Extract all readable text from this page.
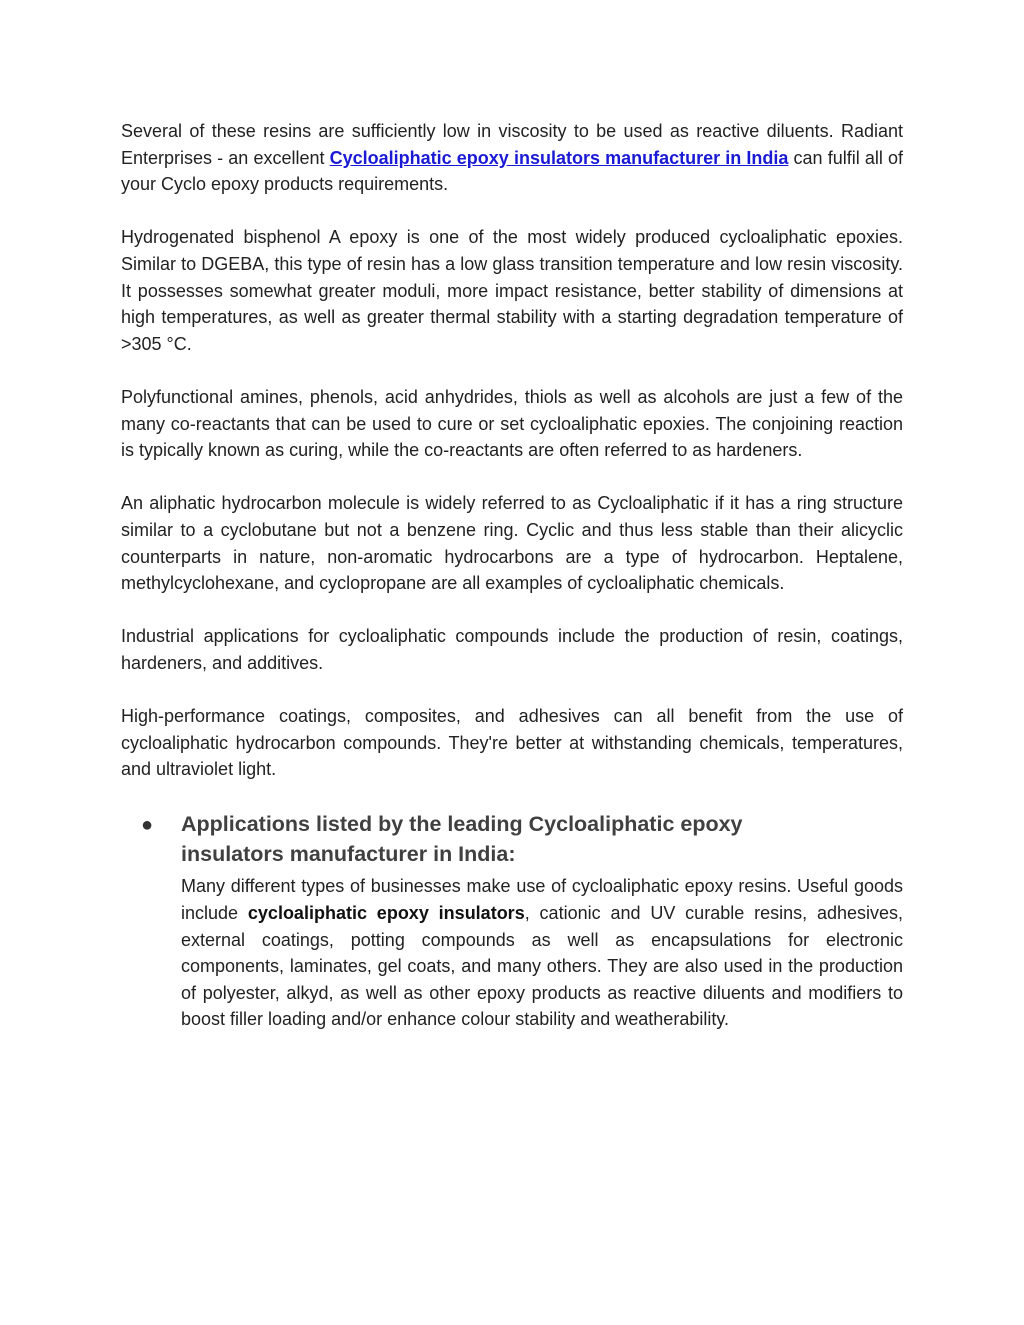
Several of these resins are sufficiently low in viscosity to be used as reactive diluents. Radiant Enterprises - an excellent Cycloaliphatic epoxy insulators manufacturer in India can fulfil all of your Cyclo epoxy products requirements.

Hydrogenated bisphenol A epoxy is one of the most widely produced cycloaliphatic epoxies. Similar to DGEBA, this type of resin has a low glass transition temperature and low resin viscosity. It possesses somewhat greater moduli, more impact resistance, better stability of dimensions at high temperatures, as well as greater thermal stability with a starting degradation temperature of >305 °C.

Polyfunctional amines, phenols, acid anhydrides, thiols as well as alcohols are just a few of the many co-reactants that can be used to cure or set cycloaliphatic epoxies. The conjoining reaction is typically known as curing, while the co-reactants are often referred to as hardeners.

An aliphatic hydrocarbon molecule is widely referred to as Cycloaliphatic if it has a ring structure similar to a cyclobutane but not a benzene ring. Cyclic and thus less stable than their alicyclic counterparts in nature, non-aromatic hydrocarbons are a type of hydrocarbon. Heptalene, methylcyclohexane, and cyclopropane are all examples of cycloaliphatic chemicals.

Industrial applications for cycloaliphatic compounds include the production of resin, coatings, hardeners, and additives.

High-performance coatings, composites, and adhesives can all benefit from the use of cycloaliphatic hydrocarbon compounds. They're better at withstanding chemicals, temperatures, and ultraviolet light.

● Applications listed by the leading Cycloaliphatic epoxy insulators manufacturer in India:

Many different types of businesses make use of cycloaliphatic epoxy resins. Useful goods include cycloaliphatic epoxy insulators, cationic and UV curable resins, adhesives, external coatings, potting compounds as well as encapsulations for electronic components, laminates, gel coats, and many others. They are also used in the production of polyester, alkyd, as well as other epoxy products as reactive diluents and modifiers to boost filler loading and/or enhance colour stability and weatherability.
